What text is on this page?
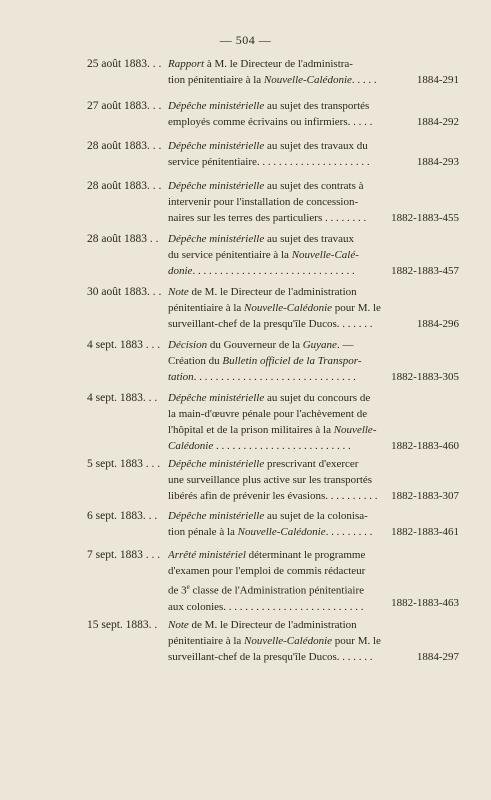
— 504 —
25 août 1883. . . Rapport à M. le Directeur de l'administra-
tion pénitentiaire à la Nouvelle-Calédonie. . . . .	1884-291
27 août 1883. . . Dépêche ministérielle au sujet des transportés
employés comme écrivains ou infirmiers. . . . .	1884-292
28 août 1883. . . Dépêche ministérielle au sujet des travaux du
service pénitentiaire. . . . . . . . . . . . . . . . . . . . .	1884-293
28 août 1883. . . Dépêche ministérielle au sujet des contrats à
intervenir pour l'installation de concession-
naires sur les terres des particuliers . . . . . . . .	1882-1883-455
28 août 1883 . . Dépêche ministérielle au sujet des travaux
du service pénitentiaire à la Nouvelle-Calé-
donie. . . . . . . . . . . . . . . . . . . . . . . . . . . . . .	1882-1883-457
30 août 1883. . . Note de M. le Directeur de l'administration
pénitentiaire à la Nouvelle-Calédonie pour M. le
surveillant-chef de la presqu'île Ducos. . . . . . .	1884-296
4 sept. 1883 . . . Décision du Gouverneur de la Guyane. —
Création du Bulletin officiel de la Transpor-
tation. . . . . . . . . . . . . . . . . . . . . . . . . . . . . .	1882-1883-305
4 sept. 1883. . . Dépêche ministérielle au sujet du concours de
la main-d'œuvre pénale pour l'achèvement de
l'hôpital et de la prison militaires à la Nouvelle-
Calédonie . . . . . . . . . . . . . . . . . . . . . . . . .	1882-1883-460
5 sept. 1883 . . . Dépêche ministérielle prescrivant d'exercer
une surveillance plus active sur les transportés
libérés afin de prévenir les évasions. . . . . . . . . .	1882-1883-307
6 sept. 1883. . . Dépêche ministérielle au sujet de la colonisa-
tion pénale à la Nouvelle-Calédonie. . . . . . . . .	1882-1883-461
7 sept. 1883 . . . Arrêté ministériel déterminant le programme
d'examen pour l'emploi de commis rédacteur
de 3e classe de l'Administration pénitentiaire
aux colonies. . . . . . . . . . . . . . . . . . . . . . . . . .	1882-1883-463
15 sept. 1883. . Note de M. le Directeur de l'administration
pénitentiaire à la Nouvelle-Calédonie pour M. le
surveillant-chef de la presqu'île Ducos. . . . . . .	1884-297
